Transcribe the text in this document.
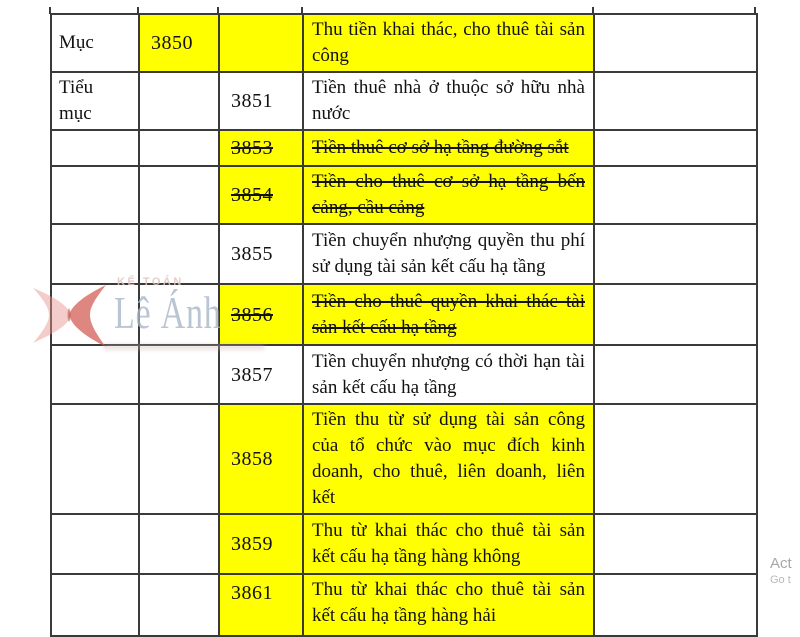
Mục	3850		Thu tiền khai thác, cho thuê tài sản công	
Tiểu mục		3851	Tiền thuê nhà ở thuộc sở hữu nhà nước	
		3853	Tiền thuê cơ sở hạ tầng đường sắt	
		3854	Tiền cho thuê cơ sở hạ tầng bến cảng, cầu cảng	
		3855	Tiền chuyển nhượng quyền thu phí sử dụng tài sản kết cấu hạ tầng	
		3856	Tiền cho thuê quyền khai thác tài sản kết cấu hạ tầng	
		3857	Tiền chuyển nhượng có thời hạn tài sản kết cấu hạ tầng	
		3858	Tiền thu từ sử dụng tài sản công của tổ chức vào mục đích kinh doanh, cho thuê, liên doanh, liên kết	
		3859	Thu từ khai thác cho thuê tài sản kết cấu hạ tầng hàng không	
		3861	Thu từ khai thác cho thuê tài sản kết cấu hạ tầng hàng hải	
KẾ TOÁN
Lê Ánh
Act
Go t
